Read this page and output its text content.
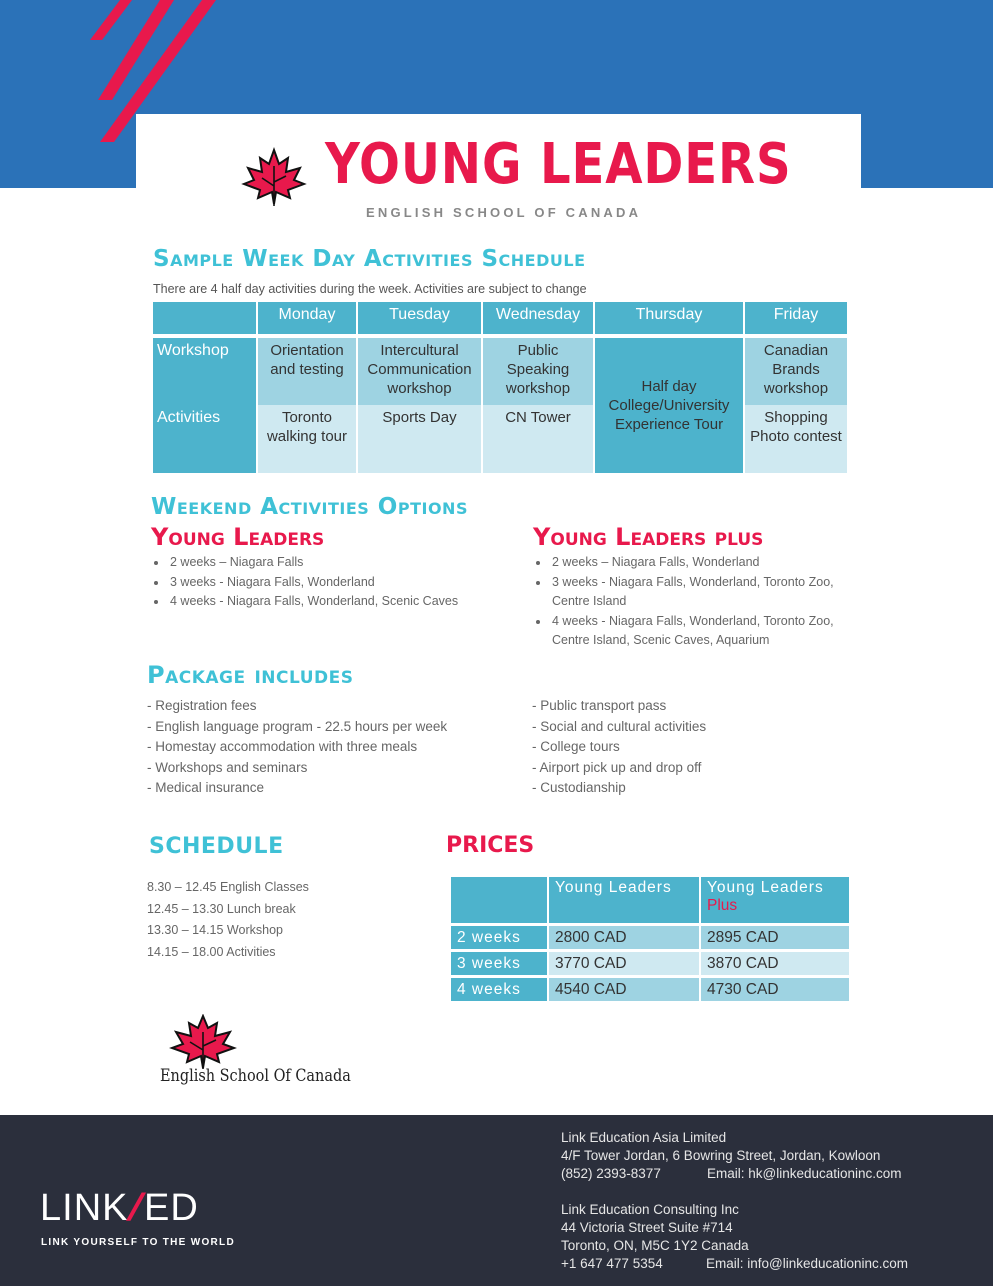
YOUNG LEADERS
ENGLISH SCHOOL OF CANADA
Sample Week Day Activities Schedule
There are 4 half day activities during the week. Activities are subject to change
	Monday	Tuesday	Wednesday	Thursday	Friday

Workshop	Orientation and testing	Intercultural Communication workshop	Public Speaking workshop	Half day College/University Experience Tour	Canadian Brands workshop
Activities	Toronto walking tour	Sports Day	CN Tower		Shopping Photo contest
Weekend Activities Options
Young Leaders
• 2 weeks – Niagara Falls
• 3 weeks - Niagara Falls, Wonderland
• 4 weeks - Niagara Falls, Wonderland, Scenic Caves
Young Leaders plus
• 2 weeks – Niagara Falls, Wonderland
• 3 weeks - Niagara Falls, Wonderland, Toronto Zoo, Centre Island
• 4 weeks - Niagara Falls, Wonderland, Toronto Zoo, Centre Island, Scenic Caves, Aquarium
Package includes
- Registration fees
- English language program - 22.5 hours per week
- Homestay accommodation with three meals
- Workshops and seminars
- Medical insurance
- Public transport pass
- Social and cultural activities
- College tours
- Airport pick up and drop off
- Custodianship
SCHEDULE
8.30 – 12.45 English Classes
12.45 – 13.30 Lunch break
13.30 – 14.15 Workshop
14.15 – 18.00 Activities
PRICES
	Young Leaders	Young Leaders
Plus
2 weeks	2800 CAD	2895 CAD
3 weeks	3770 CAD	3870 CAD
4 weeks	4540 CAD	4730 CAD
English School Of Canada
LINK/ED
LINK YOURSELF TO THE WORLD
Link Education Asia Limited
4/F Tower Jordan, 6 Bowring Street, Jordan, Kowloon
(852) 2393-8377	Email: hk@linkeducationinc.com
Link Education Consulting Inc
44 Victoria Street Suite #714
Toronto, ON, M5C 1Y2 Canada
+1 647 477 5354	Email: info@linkeducationinc.com
